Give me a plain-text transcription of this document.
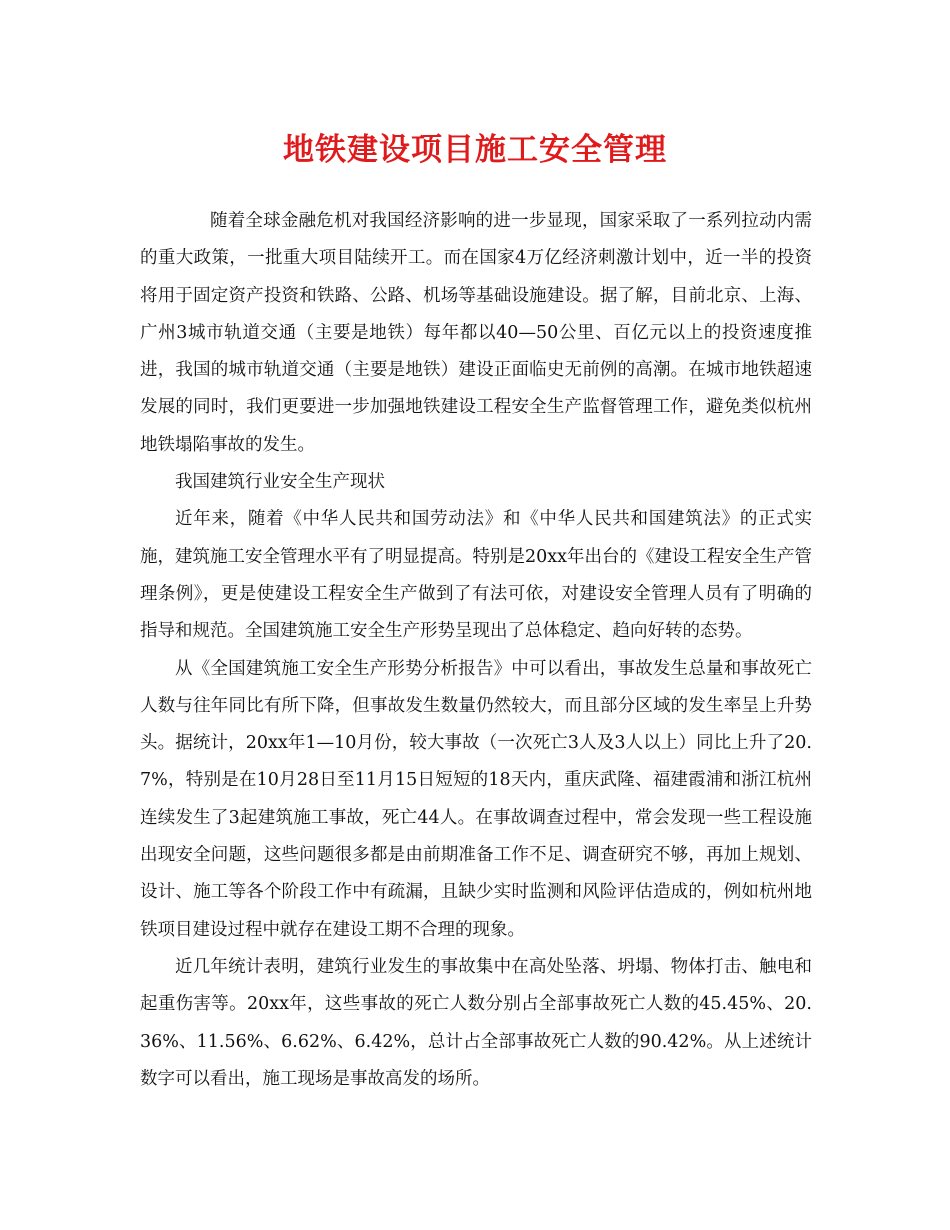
地铁建设项目施工安全管理

随着全球金融危机对我国经济影响的进一步显现，国家采取了一系列拉动内需的重大政策，一批重大项目陆续开工。而在国家4万亿经济刺激计划中，近一半的投资将用于固定资产投资和铁路、公路、机场等基础设施建设。据了解，目前北京、上海、广州3城市轨道交通（主要是地铁）每年都以40—50公里、百亿元以上的投资速度推进，我国的城市轨道交通（主要是地铁）建设正面临史无前例的高潮。在城市地铁超速发展的同时，我们更要进一步加强地铁建设工程安全生产监督管理工作，避免类似杭州地铁塌陷事故的发生。

我国建筑行业安全生产现状

近年来，随着《中华人民共和国劳动法》和《中华人民共和国建筑法》的正式实施，建筑施工安全管理水平有了明显提高。特别是20xx年出台的《建设工程安全生产管理条例》，更是使建设工程安全生产做到了有法可依，对建设安全管理人员有了明确的指导和规范。全国建筑施工安全生产形势呈现出了总体稳定、趋向好转的态势。

从《全国建筑施工安全生产形势分析报告》中可以看出，事故发生总量和事故死亡人数与往年同比有所下降，但事故发生数量仍然较大，而且部分区域的发生率呈上升势头。据统计，20xx年1—10月份，较大事故（一次死亡3人及3人以上）同比上升了20.7%，特别是在10月28日至11月15日短短的18天内，重庆武隆、福建霞浦和浙江杭州连续发生了3起建筑施工事故，死亡44人。在事故调查过程中，常会发现一些工程设施出现安全问题，这些问题很多都是由前期准备工作不足、调查研究不够，再加上规划、设计、施工等各个阶段工作中有疏漏，且缺少实时监测和风险评估造成的，例如杭州地铁项目建设过程中就存在建设工期不合理的现象。

近几年统计表明，建筑行业发生的事故集中在高处坠落、坍塌、物体打击、触电和起重伤害等。20xx年，这些事故的死亡人数分别占全部事故死亡人数的45.45%、20.36%、11.56%、6.62%、6.42%，总计占全部事故死亡人数的90.42%。从上述统计数字可以看出，施工现场是事故高发的场所。
